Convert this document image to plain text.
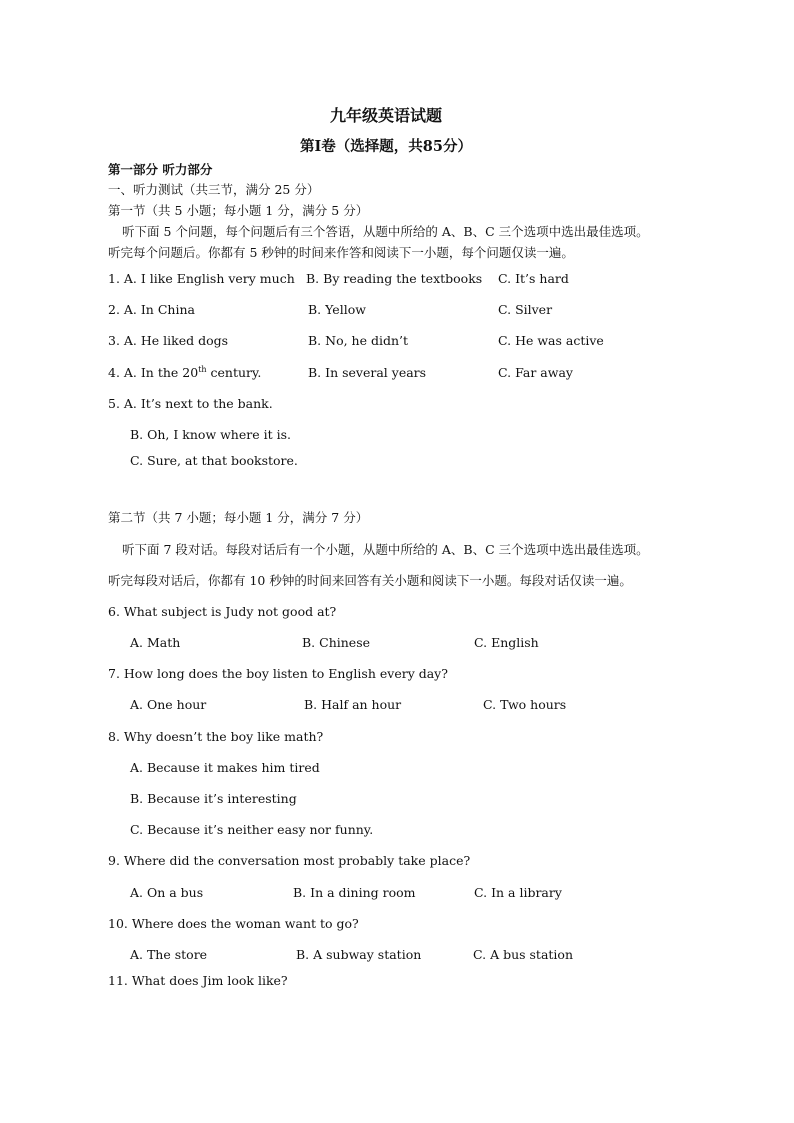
九年级英语试题
第Ⅰ卷（选择题，共85分）
第一部分 听力部分
一、听力测试（共三节，满分 25 分）
第一节（共 5 小题；每小题 1 分，满分 5 分）
听下面 5 个问题，每个问题后有三个答语，从题中所给的 A、B、C 三个选项中选出最佳选项。
听完每个问题后。你都有 5 秒钟的时间来作答和阅读下一小题，每个问题仅读一遍。
1. A. I like English very much B. By reading the textbooks C. It’s hard
2. A. In China	B. Yellow	C. Silver
3. A. He liked dogs	B. No, he didn’t	C. He was active
4. A. In the 20th century.	B. In several years	C. Far away
5. A. It’s next to the bank.
B. Oh, I know where it is.
C. Sure, at that bookstore.
第二节（共 7 小题；每小题 1 分，满分 7 分）
听下面 7 段对话。每段对话后有一个小题，从题中所给的 A、B、C 三个选项中选出最佳选项。
听完每段对话后，你都有 10 秒钟的时间来回答有关小题和阅读下一小题。每段对话仅读一遍。
6. What subject is Judy not good at?
A. Math	B. Chinese	C. English
7. How long does the boy listen to English every day?
A. One hour	B. Half an hour	C. Two hours
8. Why doesn’t the boy like math?
A. Because it makes him tired
B. Because it’s interesting
C. Because it’s neither easy nor funny.
9. Where did the conversation most probably take place?
A. On a bus	B. In a dining room	C. In a library
10. Where does the woman want to go?
A. The store	B. A subway station	C. A bus station
11. What does Jim look like?
